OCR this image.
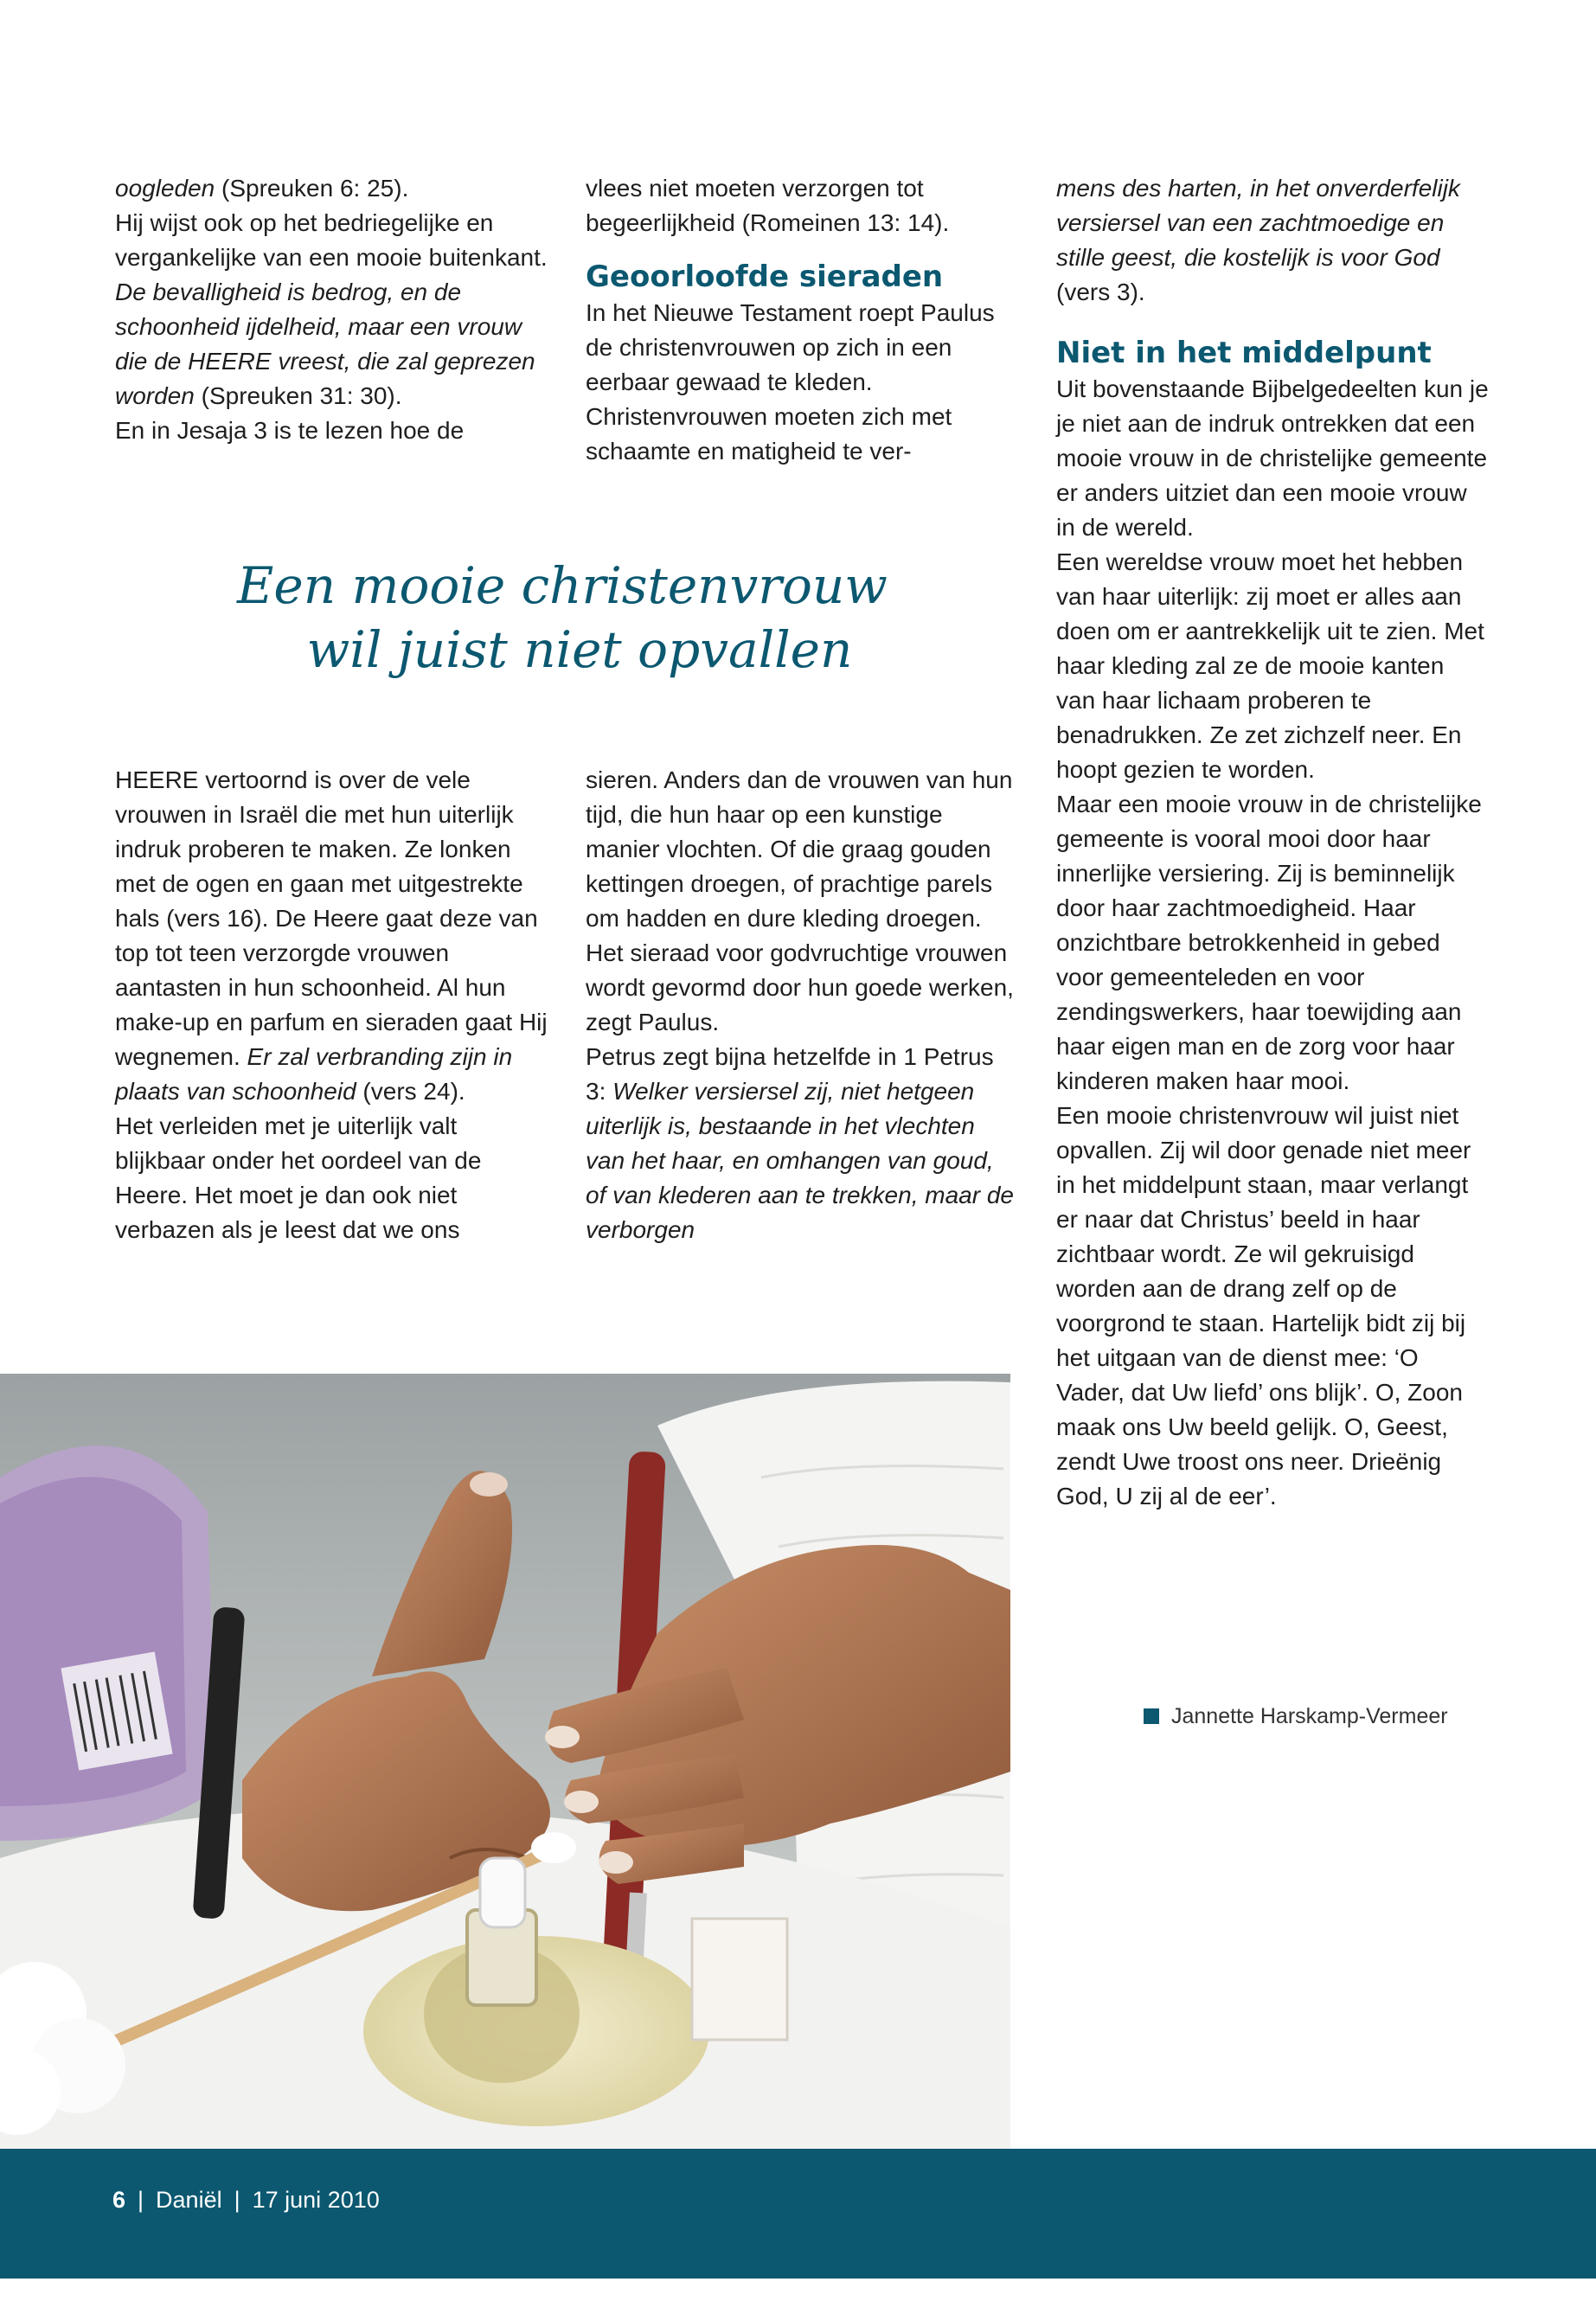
oogleden (Spreuken 6: 25).
Hij wijst ook op het bedriegelijke en vergankelijke van een mooie buitenkant. De bevalligheid is bedrog, en de schoonheid ijdelheid, maar een vrouw die de HEERE vreest, die zal geprezen worden (Spreuken 31: 30).
En in Jesaja 3 is te lezen hoe de

vlees niet moeten verzorgen tot begeerlijkheid (Romeinen 13: 14).

Geoorloofde sieraden

In het Nieuwe Testament roept Paulus de christenvrouwen op zich in een eerbaar gewaad te kleden.
Christenvrouwen moeten zich met schaamte en matigheid te ver-

Een mooie christenvrouw
wil juist niet opvallen

HEERE vertoornd is over de vele vrouwen in Israël die met hun uiterlijk indruk proberen te maken. Ze lonken met de ogen en gaan met uitgestrekte hals (vers 16). De Heere gaat deze van top tot teen verzorgde vrouwen aantasten in hun schoonheid. Al hun make-up en parfum en sieraden gaat Hij wegnemen. Er zal verbranding zijn in plaats van schoonheid (vers 24).
Het verleiden met je uiterlijk valt blijkbaar onder het oordeel van de Heere. Het moet je dan ook niet verbazen als je leest dat we ons

sieren. Anders dan de vrouwen van hun tijd, die hun haar op een kunstige manier vlochten. Of die graag gouden kettingen droegen, of prachtige parels om hadden en dure kleding droegen.
Het sieraad voor godvruchtige vrouwen wordt gevormd door hun goede werken, zegt Paulus.
Petrus zegt bijna hetzelfde in 1 Petrus 3: Welker versiersel zij, niet hetgeen uiterlijk is, bestaande in het vlechten van het haar, en omhangen van goud, of van klederen aan te trekken, maar de verborgen

mens des harten, in het onverderfelijk versiersel van een zachtmoedige en stille geest, die kostelijk is voor God (vers 3).

Niet in het middelpunt

Uit bovenstaande Bijbelgedeelten kun je je niet aan de indruk ontrekken dat een mooie vrouw in de christelijke gemeente er anders uitziet dan een mooie vrouw in de wereld.
Een wereldse vrouw moet het hebben van haar uiterlijk: zij moet er alles aan doen om er aantrekkelijk uit te zien. Met haar kleding zal ze de mooie kanten van haar lichaam proberen te benadrukken. Ze zet zichzelf neer. En hoopt gezien te worden.
Maar een mooie vrouw in de christelijke gemeente is vooral mooi door haar innerlijke versiering. Zij is beminnelijk door haar zachtmoedigheid. Haar onzichtbare betrokkenheid in gebed voor gemeenteleden en voor zendingswerkers, haar toewijding aan haar eigen man en de zorg voor haar kinderen maken haar mooi.
Een mooie christenvrouw wil juist niet opvallen. Zij wil door genade niet meer in het middelpunt staan, maar verlangt er naar dat Christus’ beeld in haar zichtbaar wordt. Ze wil gekruisigd worden aan de drang zelf op de voorgrond te staan. Hartelijk bidt zij bij het uitgaan van de dienst mee: ‘O Vader, dat Uw liefd’ ons blijk’. O, Zoon maak ons Uw beeld gelijk. O, Geest, zendt Uwe troost ons neer. Drieënig God, U zij al de eer’.

Jannette Harskamp-Vermeer
6 | Daniël | 17 juni 2010
